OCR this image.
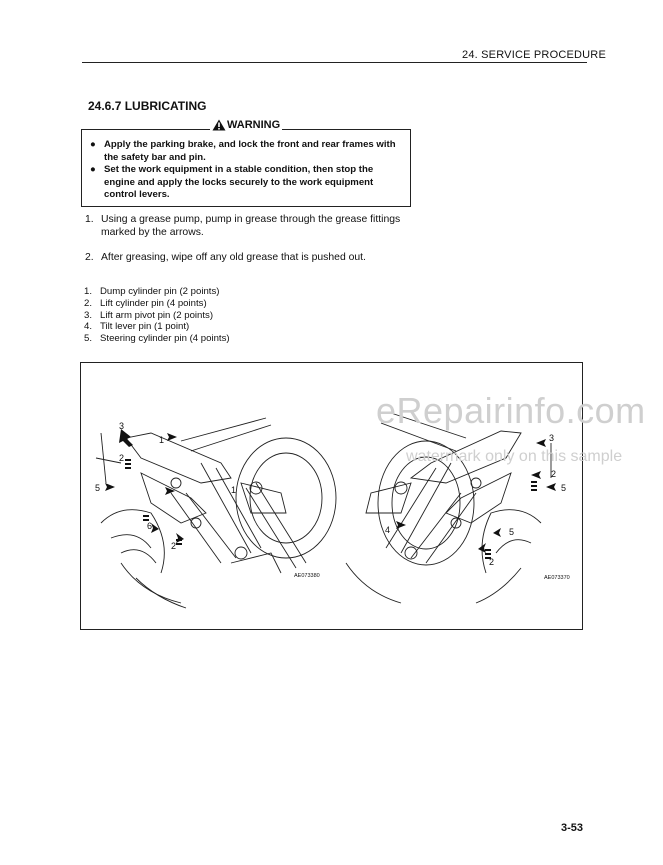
24. SERVICE PROCEDURE
24.6.7 LUBRICATING
WARNING
● Apply the parking brake, and lock the front and rear frames with the safety bar and pin.
● Set the work equipment in a stable condition, then stop the engine and apply the locks securely to the work equipment control levers.
1. Using a grease pump, pump in grease through the grease fittings marked by the arrows.
2. After greasing, wipe off any old grease that is pushed out.
1. Dump cylinder pin (2 points)
2. Lift cylinder pin (4 points)
3. Lift arm pivot pin (2 points)
4. Tilt lever pin (1 point)
5. Steering cylinder pin (4 points)
3
1
2
5	1
6
2
3
2
5
4	5
2
AE073380	AE073370
eRepairinfo.com
watermark only on this sample
3-53
